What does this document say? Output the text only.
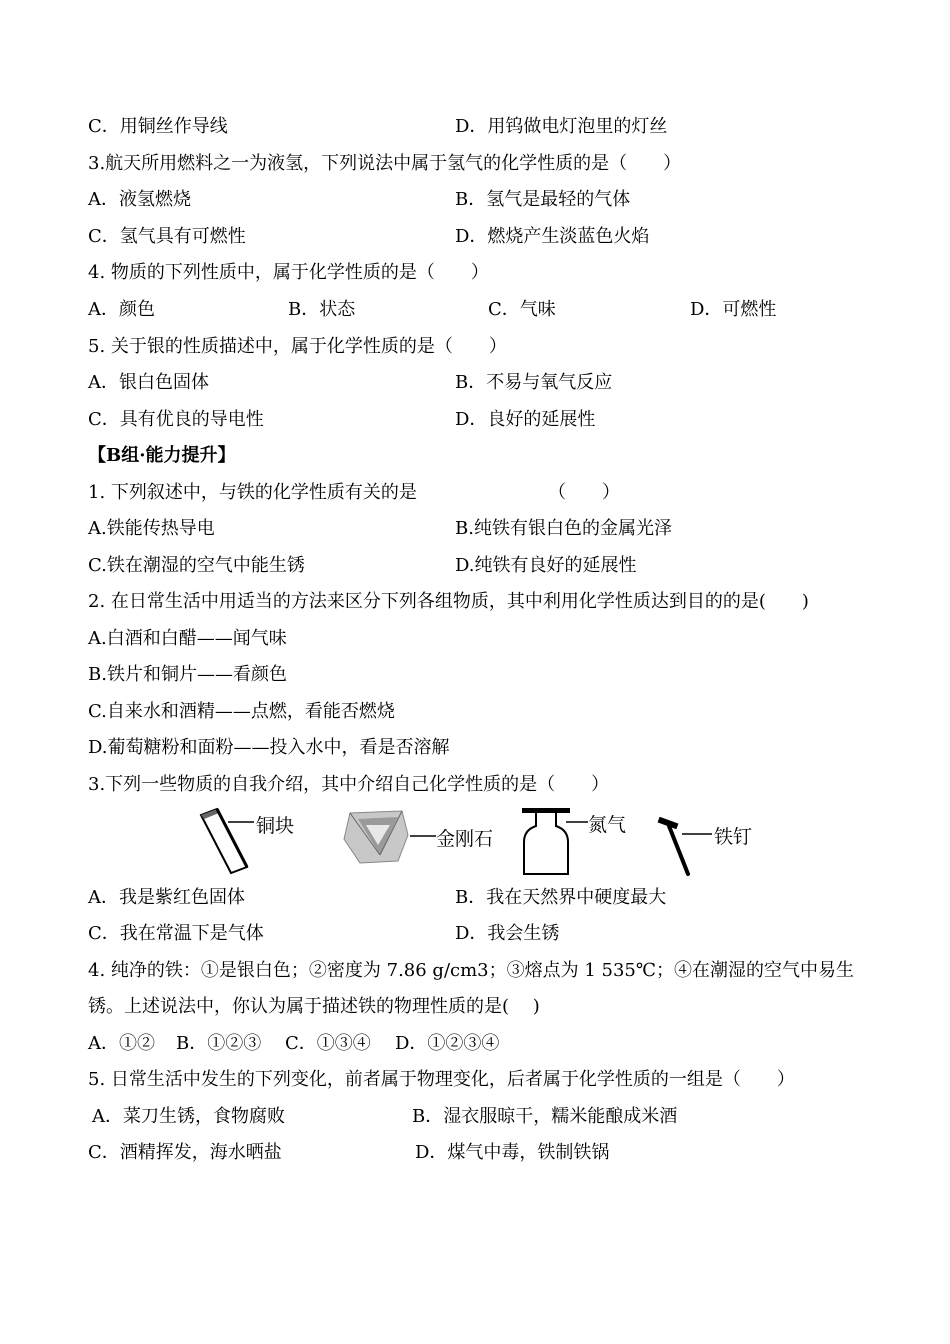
C．用铜丝作导线	D．用钨做电灯泡里的灯丝
3.航天所用燃料之一为液氢，下列说法中属于氢气的化学性质的是（　　）
A．液氢燃烧	B．氢气是最轻的气体
C．氢气具有可燃性	D．燃烧产生淡蓝色火焰
4. 物质的下列性质中，属于化学性质的是（　　）
A．颜色	B．状态	C．气味	D．可燃性
5. 关于银的性质描述中，属于化学性质的是（　　）
A．银白色固体	B．不易与氧气反应
C．具有优良的导电性	D．良好的延展性
【B组·能力提升】
1. 下列叙述中，与铁的化学性质有关的是	（　　）
A.铁能传热导电	B.纯铁有银白色的金属光泽
C.铁在潮湿的空气中能生锈	D.纯铁有良好的延展性
2. 在日常生活中用适当的方法来区分下列各组物质，其中利用化学性质达到目的的是(　　)
A.白酒和白醋——闻气味
B.铁片和铜片——看颜色
C.自来水和酒精——点燃，看能否燃烧
D.葡萄糖粉和面粉——投入水中，看是否溶解
3.下列一些物质的自我介绍，其中介绍自己化学性质的是（　　）
铜块
金刚石
氮气
铁钉
A．我是紫红色固体	B．我在天然界中硬度最大
C．我在常温下是气体	D．我会生锈
4. 纯净的铁：①是银白色；②密度为 7.86 g/cm3；③熔点为 1 535℃；④在潮湿的空气中易生
锈。上述说法中，你认为属于描述铁的物理性质的是(　 )
A．①② B．①②③ C．①③④ D．①②③④
5. 日常生活中发生的下列变化，前者属于物理变化，后者属于化学性质的一组是（　　）
A．菜刀生锈，食物腐败	B．湿衣服晾干，糯米能酿成米酒
C．酒精挥发，海水晒盐	D．煤气中毒，铁制铁锅
